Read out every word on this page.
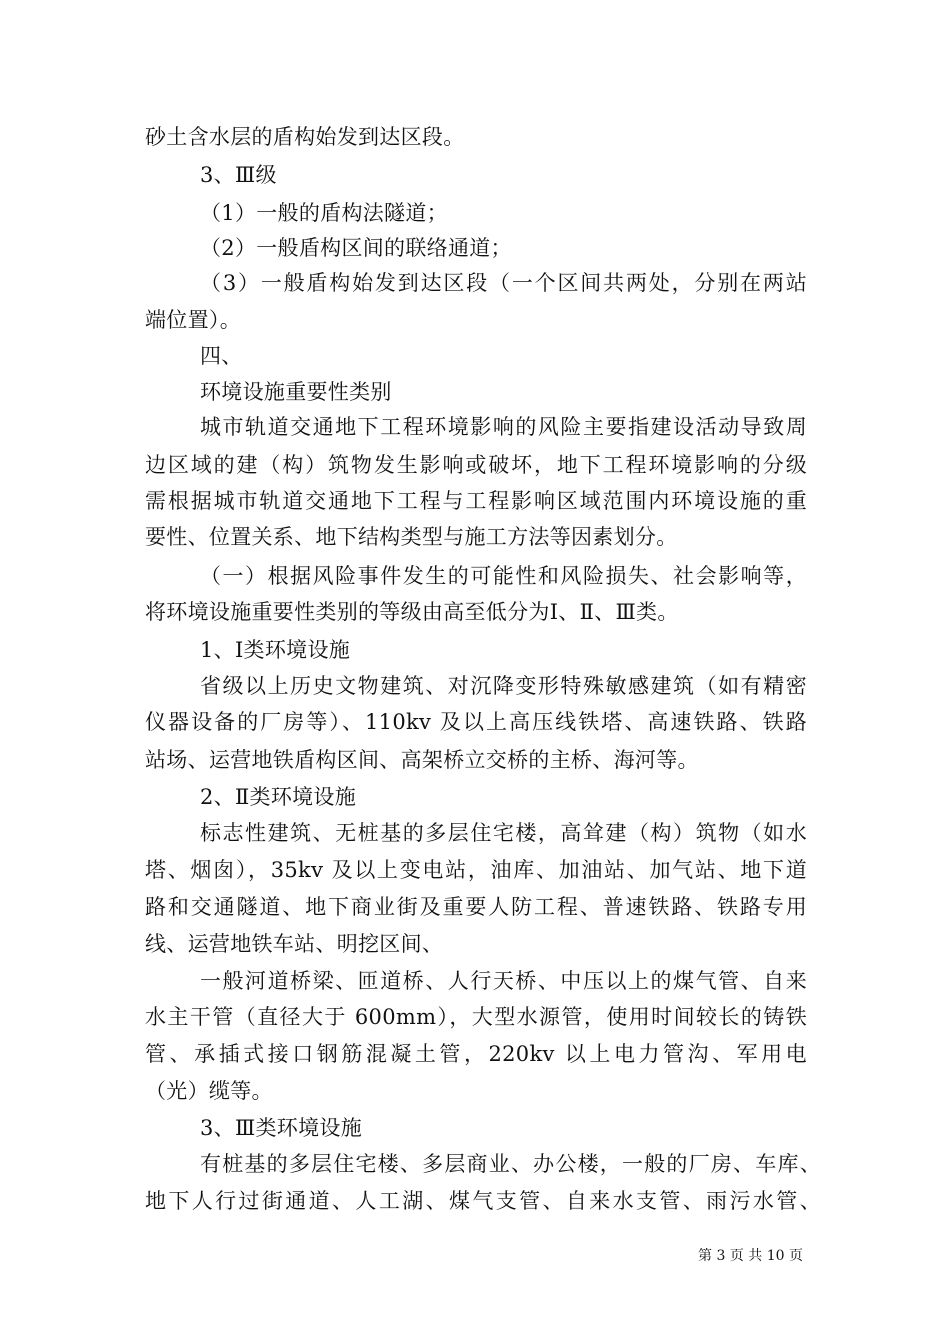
砂土含水层的盾构始发到达区段。
3、Ⅲ级
（1）一般的盾构法隧道；
（2）一般盾构区间的联络通道；
（3）一般盾构始发到达区段（一个区间共两处，分别在两站
端位置）。
四、
环境设施重要性类别
城市轨道交通地下工程环境影响的风险主要指建设活动导致周
边区域的建（构）筑物发生影响或破坏，地下工程环境影响的分级
需根据城市轨道交通地下工程与工程影响区域范围内环境设施的重
要性、位置关系、地下结构类型与施工方法等因素划分。
（一）根据风险事件发生的可能性和风险损失、社会影响等，
将环境设施重要性类别的等级由高至低分为Ⅰ、Ⅱ、Ⅲ类。
1、Ⅰ类环境设施
省级以上历史文物建筑、对沉降变形特殊敏感建筑（如有精密
仪器设备的厂房等）、110kv 及以上高压线铁塔、高速铁路、铁路
站场、运营地铁盾构区间、高架桥立交桥的主桥、海河等。
2、Ⅱ类环境设施
标志性建筑、无桩基的多层住宅楼，高耸建（构）筑物（如水
塔、烟囱），35kv 及以上变电站，油库、加油站、加气站、地下道
路和交通隧道、地下商业街及重要人防工程、普速铁路、铁路专用
线、运营地铁车站、明挖区间、
一般河道桥梁、匝道桥、人行天桥、中压以上的煤气管、自来
水主干管（直径大于 600mm），大型水源管，使用时间较长的铸铁
管、承插式接口钢筋混凝土管，220kv 以上电力管沟、军用电
（光）缆等。
3、Ⅲ类环境设施
有桩基的多层住宅楼、多层商业、办公楼，一般的厂房、车库、
地下人行过街通道、人工湖、煤气支管、自来水支管、雨污水管、
第 3 页 共 10 页
